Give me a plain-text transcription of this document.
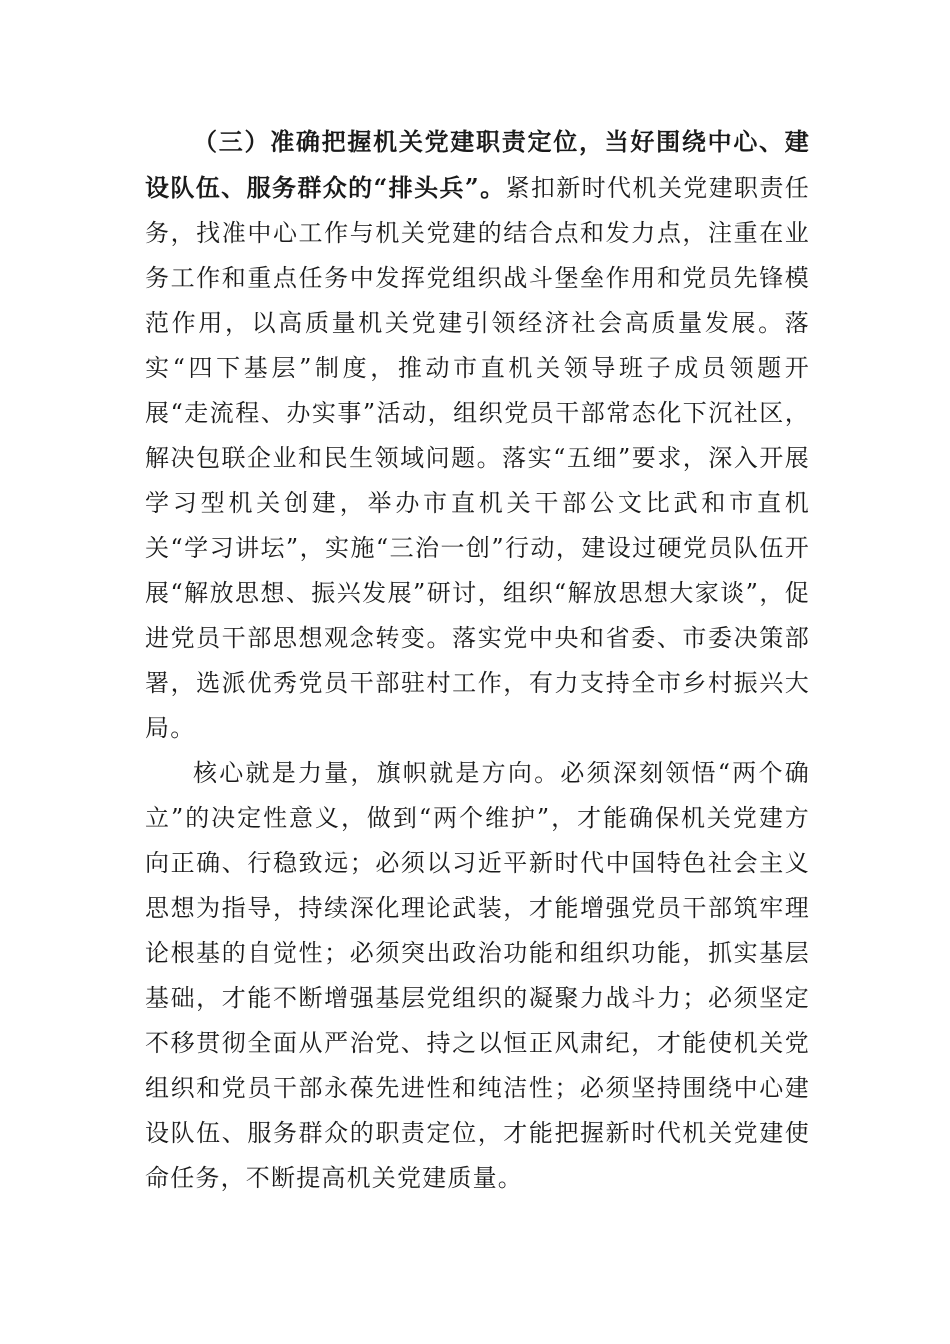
（三）准确把握机关党建职责定位，当好围绕中心、建设队伍、服务群众的“排头兵”。紧扣新时代机关党建职责任务，找准中心工作与机关党建的结合点和发力点，注重在业务工作和重点任务中发挥党组织战斗堡垒作用和党员先锋模范作用，以高质量机关党建引领经济社会高质量发展。落实“四下基层”制度，推动市直机关领导班子成员领题开展“走流程、办实事”活动，组织党员干部常态化下沉社区，解决包联企业和民生领域问题。落实“五细”要求，深入开展学习型机关创建，举办市直机关干部公文比武和市直机关“学习讲坛”，实施“三治一创”行动，建设过硬党员队伍开展“解放思想、振兴发展”研讨，组织“解放思想大家谈”，促进党员干部思想观念转变。落实党中央和省委、市委决策部署，选派优秀党员干部驻村工作，有力支持全市乡村振兴大局。

核心就是力量，旗帜就是方向。必须深刻领悟“两个确立”的决定性意义，做到“两个维护”，才能确保机关党建方向正确、行稳致远；必须以习近平新时代中国特色社会主义思想为指导，持续深化理论武装，才能增强党员干部筑牢理论根基的自觉性；必须突出政治功能和组织功能，抓实基层基础，才能不断增强基层党组织的凝聚力战斗力；必须坚定不移贯彻全面从严治党、持之以恒正风肃纪，才能使机关党组织和党员干部永葆先进性和纯洁性；必须坚持围绕中心建设队伍、服务群众的职责定位，才能把握新时代机关党建使命任务，不断提高机关党建质量。
